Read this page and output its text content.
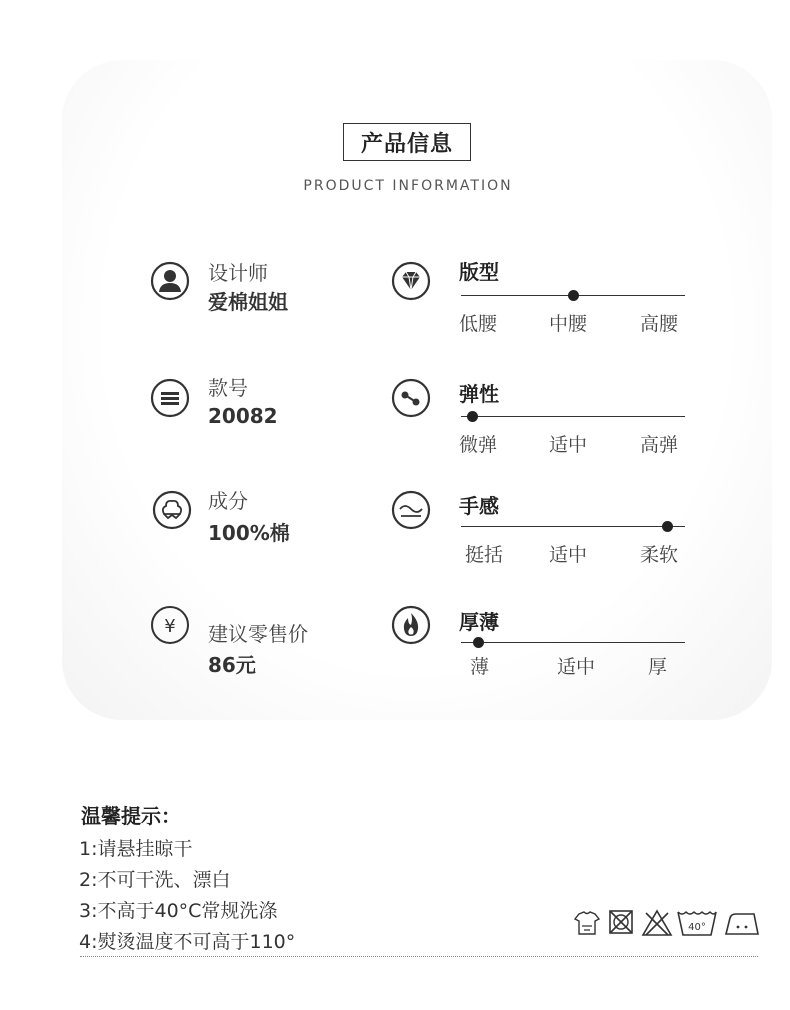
产品信息
PRODUCT INFORMATION
设计师
爱棉姐姐
款号
20082
成分
100%棉
¥ 建议零售价
86元
版型
低腰	中腰	高腰
弹性
微弹	适中	高弹
手感
挺括 适中	柔软
厚薄
薄	适中	厚
温馨提示：
1:请悬挂晾干
2:不可干洗、漂白
3:不高于40°C常规洗涤
4:熨烫温度不可高于110°
40°
